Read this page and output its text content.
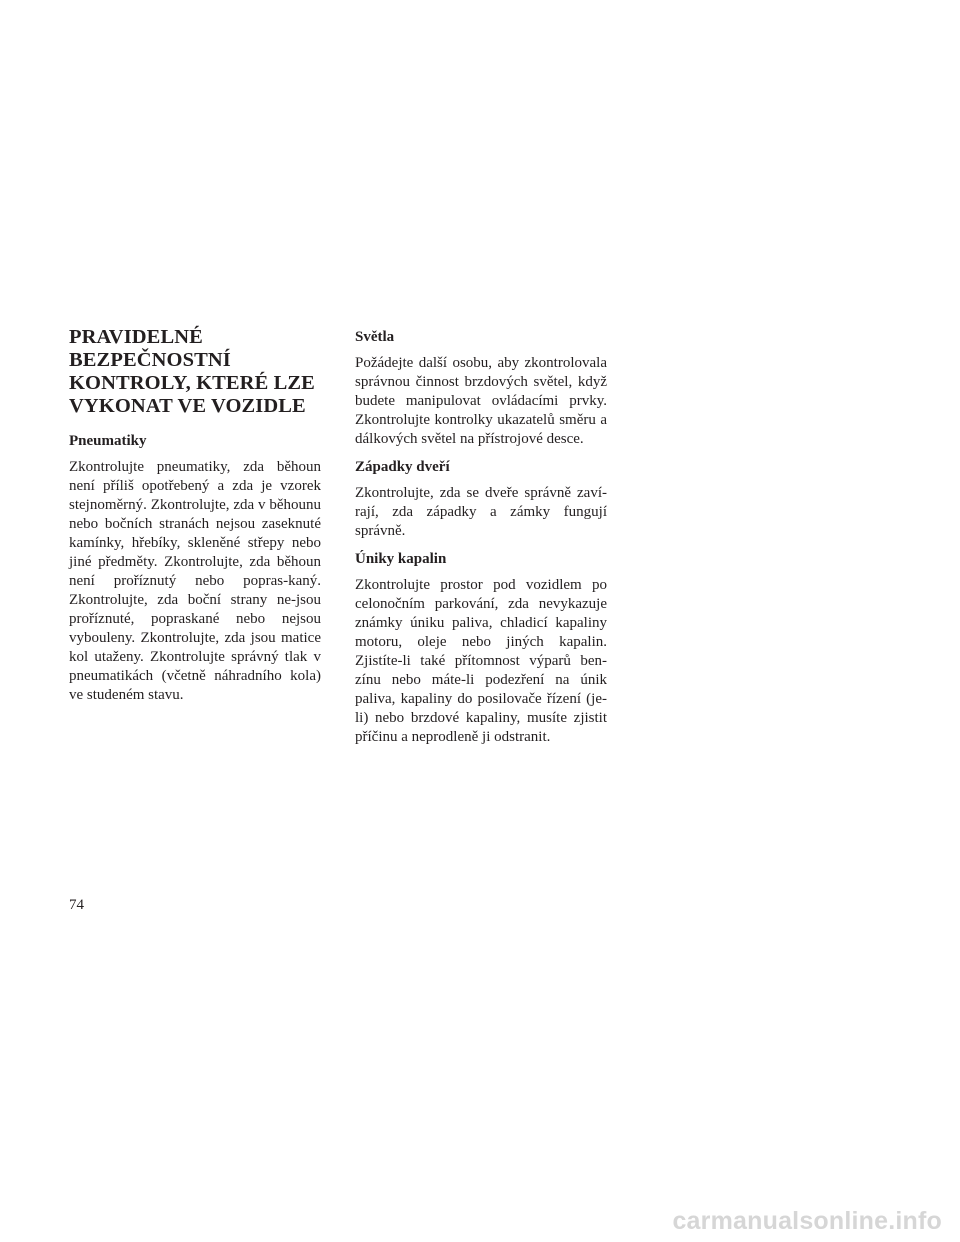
PRAVIDELNÉ BEZPEČNOSTNÍ KONTROLY, KTERÉ LZE VYKONAT VE VOZIDLE
Pneumatiky

Zkontrolujte pneumatiky, zda běhoun není příliš opotřebený a zda je vzorek stejnoměrný. Zkontrolujte, zda v běhounu nebo bočních stranách nejsou zaseknuté kamínky, hřebíky, skleněné střepy nebo jiné předměty. Zkontrolujte, zda běhoun není proříznutý nebo popras-kaný. Zkontrolujte, zda boční strany ne-jsou proříznuté, popraskané nebo nejsou vybouleny. Zkontrolujte, zda jsou matice kol utaženy. Zkontrolujte správný tlak v pneumatikách (včetně náhradního kola) ve studeném stavu.

Světla

Požádejte další osobu, aby zkontrolovala správnou činnost brzdových světel, když budete manipulovat ovládacími prvky. Zkontrolujte kontrolky ukazatelů směru a dálkových světel na přístrojové desce.

Západky dveří

Zkontrolujte, zda se dveře správně zaví-rají, zda západky a zámky fungují správně.

Úniky kapalin

Zkontrolujte prostor pod vozidlem po celonočním parkování, zda nevykazuje známky úniku paliva, chladicí kapaliny motoru, oleje nebo jiných kapalin. Zjistíte-li také přítomnost výparů ben-zínu nebo máte-li podezření na únik paliva, kapaliny do posilovače řízení (je-li) nebo brzdové kapaliny, musíte zjistit příčinu a neprodleně ji odstranit.

74
carmanualsonline.info
